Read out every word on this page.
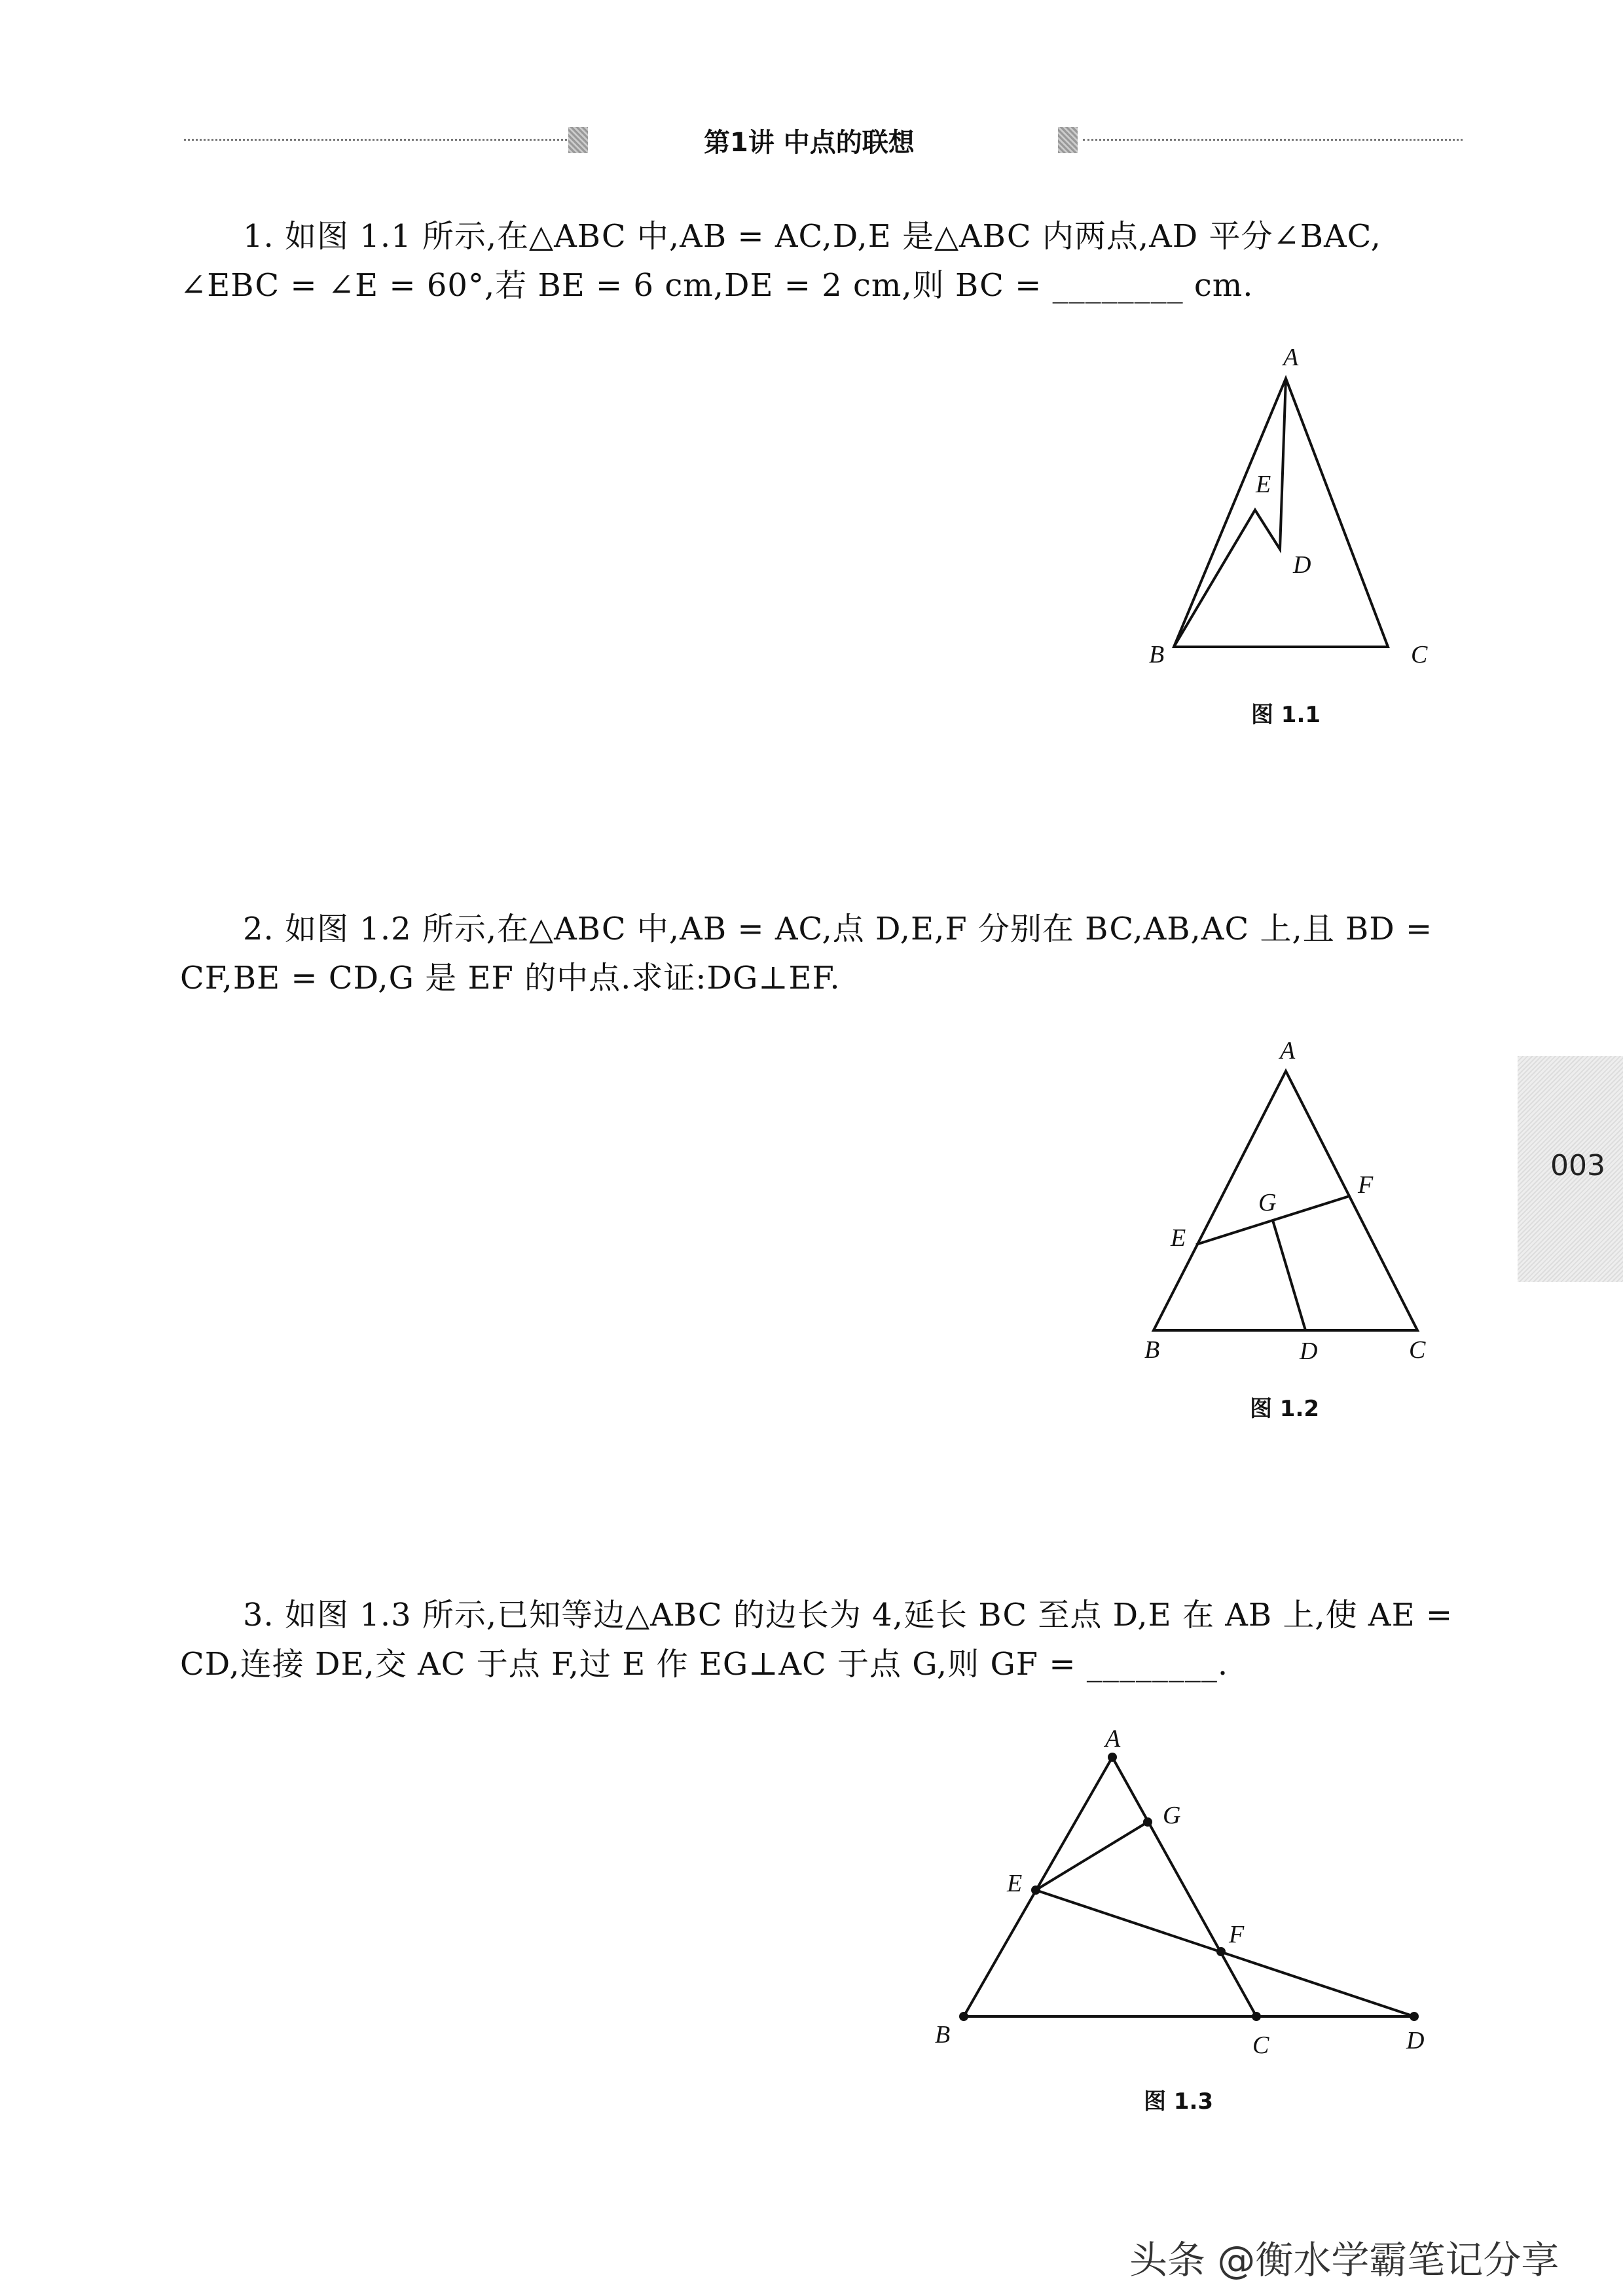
第1讲 中点的联想
1. 如图 1.1 所示,在△ABC 中,AB = AC,D,E 是△ABC 内两点,AD 平分∠BAC,
∠EBC = ∠E = 60°,若 BE = 6 cm,DE = 2 cm,则 BC = ________ cm.
A
E
D
B	C
A
F
G
E
B	D	C
A
G
E
F
B	C	D
图 1.1
2. 如图 1.2 所示,在△ABC 中,AB = AC,点 D,E,F 分别在 BC,AB,AC 上,且 BD =
CF,BE = CD,G 是 EF 的中点.求证:DG⊥EF.
图 1.2
3. 如图 1.3 所示,已知等边△ABC 的边长为 4,延长 BC 至点 D,E 在 AB 上,使 AE =
CD,连接 DE,交 AC 于点 F,过 E 作 EG⊥AC 于点 G,则 GF = ________.
图 1.3
003
头条 @衡水学霸笔记分享
